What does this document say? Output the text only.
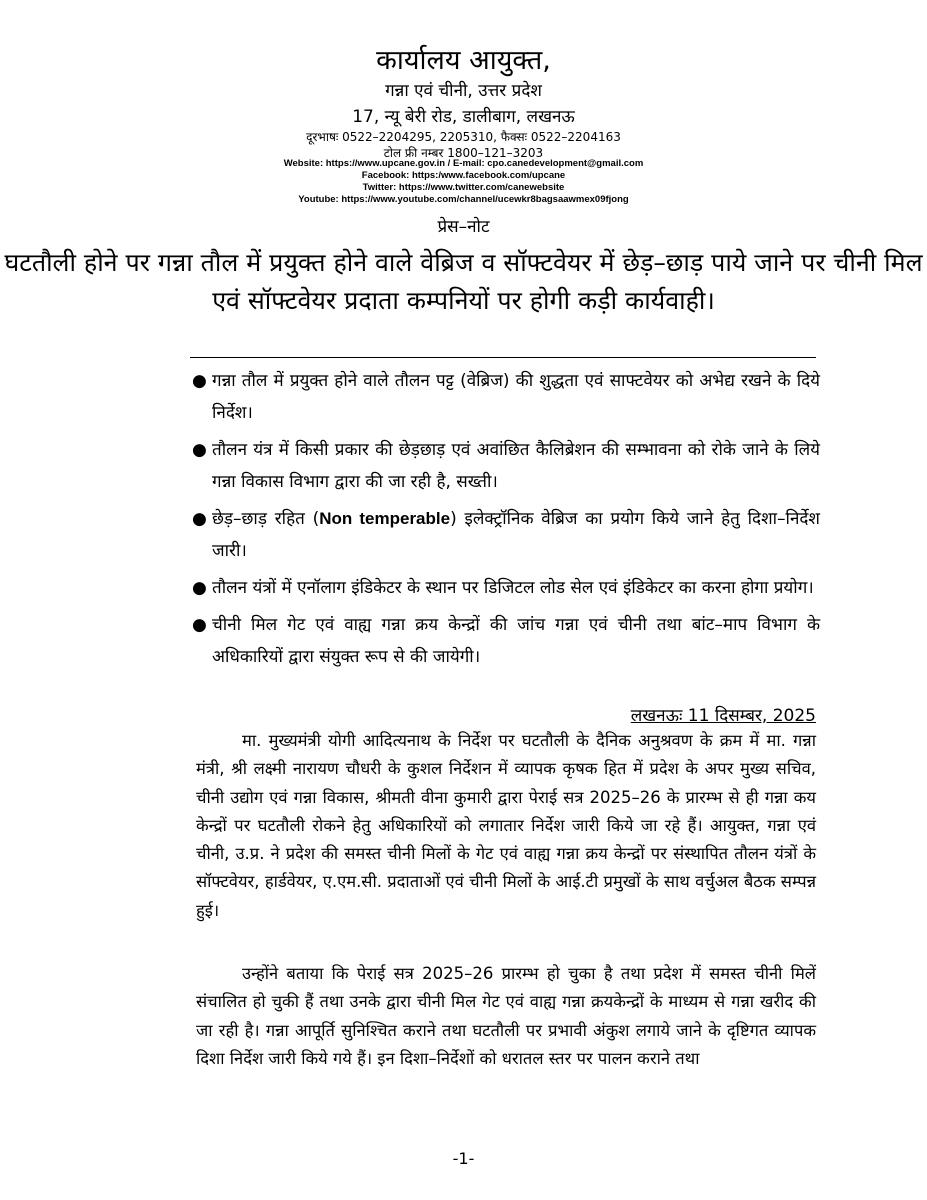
कार्यालय आयुक्त,
गन्ना एवं चीनी, उत्तर प्रदेश
17, न्यू बेरी रोड, डालीबाग, लखनऊ
दूरभाषः 0522–2204295, 2205310, फैक्सः 0522–2204163
टोल फ्री नम्बर 1800–121–3203
Website: https://www.upcane.gov.in / E-mail: cpo.canedevelopment@gmail.com
Facebook: https:/www.facebook.com/upcane
Twitter: https://www.twitter.com/canewebsite
Youtube: https://www.youtube.com/channel/ucewkr8bagsaawmex09fjong
प्रेस–नोट
घटतौली होने पर गन्ना तौल में प्रयुक्त होने वाले वेब्रिज व सॉफ्टवेयर में छेड़–छाड़ पाये जाने पर चीनी मिल एवं सॉफ्टवेयर प्रदाता कम्पनियों पर होगी कड़ी कार्यवाही।
● गन्ना तौल में प्रयुक्त होने वाले तौलन पट्ट (वेब्रिज) की शुद्धता एवं साफ्टवेयर को अभेद्य रखने के दिये निर्देश।
● तौलन यंत्र में किसी प्रकार की छेड़छाड़ एवं अवांछित कैलिब्रेशन की सम्भावना को रोके जाने के लिये गन्ना विकास विभाग द्वारा की जा रही है, सख्ती।
● छेड़–छाड़ रहित (Non temperable) इलेक्ट्रॉनिक वेब्रिज का प्रयोग किये जाने हेतु दिशा–निर्देश जारी।
● तौलन यंत्रों में एनॉलाग इंडिकेटर के स्थान पर डिजिटल लोड सेल एवं इंडिकेटर का करना होगा प्रयोग।
● चीनी मिल गेट एवं वाह्य गन्ना क्रय केन्द्रों की जांच गन्ना एवं चीनी तथा बांट–माप विभाग के अधिकारियों द्वारा संयुक्त रूप से की जायेगी।
लखनऊः 11 दिसम्बर, 2025

मा. मुख्यमंत्री योगी आदित्यनाथ के निर्देश पर घटतौली के दैनिक अनुश्रवण के क्रम में मा. गन्ना मंत्री, श्री लक्ष्मी नारायण चौधरी के कुशल निर्देशन में व्यापक कृषक हित में प्रदेश के अपर मुख्य सचिव, चीनी उद्योग एवं गन्ना विकास, श्रीमती वीना कुमारी द्वारा पेराई सत्र 2025–26 के प्रारम्भ से ही गन्ना कय केन्द्रों पर घटतौली रोकने हेतु अधिकारियों को लगातार निर्देश जारी किये जा रहे हैं। आयुक्त, गन्ना एवं चीनी, उ.प्र. ने प्रदेश की समस्त चीनी मिलों के गेट एवं वाह्य गन्ना क्रय केन्द्रों पर संस्थापित तौलन यंत्रों के सॉफ्टवेयर, हार्डवेयर, ए.एम.सी. प्रदाताओं एवं चीनी मिलों के आई.टी प्रमुखों के साथ वर्चुअल बैठक सम्पन्न हुई।

उन्होंने बताया कि पेराई सत्र 2025–26 प्रारम्भ हो चुका है तथा प्रदेश में समस्त चीनी मिलें संचालित हो चुकी हैं तथा उनके द्वारा चीनी मिल गेट एवं वाह्य गन्ना क्रयकेन्द्रों के माध्यम से गन्ना खरीद की जा रही है। गन्ना आपूर्ति सुनिश्चित कराने तथा घटतौली पर प्रभावी अंकुश लगाये जाने के दृष्टिगत व्यापक दिशा निर्देश जारी किये गये हैं। इन दिशा–निर्देशों को धरातल स्तर पर पालन कराने तथा

-1-
